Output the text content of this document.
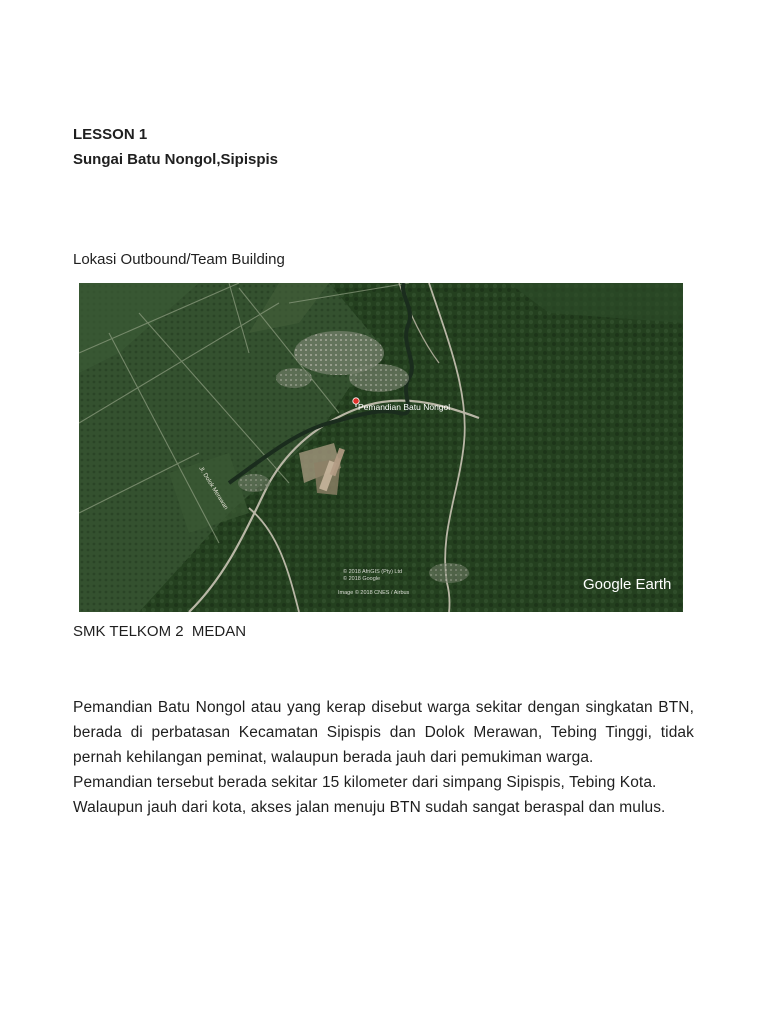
LESSON 1
Sungai Batu Nongol,Sipispis
Lokasi Outbound/Team Building
Pemandian Batu Nongol
Jl. Dolok Merawan
© 2018 AfriGIS (Pty) Ltd
© 2018 Google
Image © 2018 CNES / Airbus	Google Earth
SMK TELKOM 2  MEDAN

Pemandian Batu Nongol atau yang kerap disebut warga sekitar dengan singkatan BTN, berada di perbatasan Kecamatan Sipispis dan Dolok Merawan, Tebing Tinggi, tidak pernah kehilangan peminat, walaupun berada jauh dari pemukiman warga.

Pemandian tersebut berada sekitar 15 kilometer dari simpang Sipispis, Tebing Kota.

Walaupun jauh dari kota, akses jalan menuju BTN sudah sangat beraspal dan mulus.
